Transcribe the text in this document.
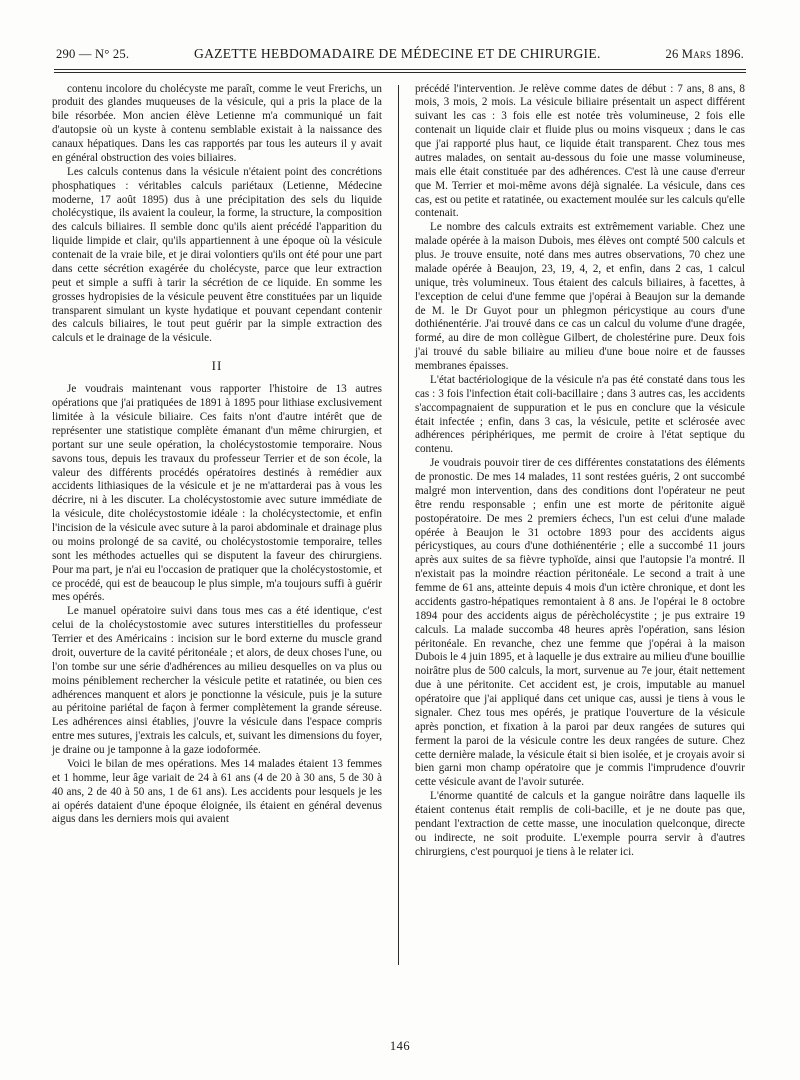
290 — N° 25.	GAZETTE HEBDOMADAIRE DE MÉDECINE ET DE CHIRURGIE.	26 Mars 1896.

contenu incolore du cholécyste me paraît, comme le veut Frerichs, un produit des glandes muqueuses de la vésicule, qui a pris la place de la bile résorbée. Mon ancien élève Letienne m'a communiqué un fait d'autopsie où un kyste à contenu semblable existait à la naissance des canaux hépatiques. Dans les cas rapportés par tous les auteurs il y avait en général obstruction des voies biliaires.

Les calculs contenus dans la vésicule n'étaient point des concrétions phosphatiques : véritables calculs pariétaux (Letienne, Médecine moderne, 17 août 1895) dus à une précipitation des sels du liquide cholécystique, ils avaient la couleur, la forme, la structure, la composition des calculs biliaires. Il semble donc qu'ils aient précédé l'apparition du liquide limpide et clair, qu'ils appartiennent à une époque où la vésicule contenait de la vraie bile, et je dirai volontiers qu'ils ont été pour une part dans cette sécrétion exagérée du cholécyste, parce que leur extraction peut et simple a suffi à tarir la sécrétion de ce liquide. En somme les grosses hydropisies de la vésicule peuvent être constituées par un liquide transparent simulant un kyste hydatique et pouvant cependant contenir des calculs biliaires, le tout peut guérir par la simple extraction des calculs et le drainage de la vésicule.

II

Je voudrais maintenant vous rapporter l'histoire de 13 autres opérations que j'ai pratiquées de 1891 à 1895 pour lithiase exclusivement limitée à la vésicule biliaire. Ces faits n'ont d'autre intérêt que de représenter une statistique complète émanant d'un même chirurgien, et portant sur une seule opération, la cholécystostomie temporaire. Nous savons tous, depuis les travaux du professeur Terrier et de son école, la valeur des différents procédés opératoires destinés à remédier aux accidents lithiasiques de la vésicule et je ne m'attarderai pas à vous les décrire, ni à les discuter. La cholécystostomie avec suture immédiate de la vésicule, dite cholécystostomie idéale : la cholécystectomie, et enfin l'incision de la vésicule avec suture à la paroi abdominale et drainage plus ou moins prolongé de sa cavité, ou cholécystostomie temporaire, telles sont les méthodes actuelles qui se disputent la faveur des chirurgiens. Pour ma part, je n'ai eu l'occasion de pratiquer que la cholécystostomie, et ce procédé, qui est de beaucoup le plus simple, m'a toujours suffi à guérir mes opérés.

Le manuel opératoire suivi dans tous mes cas a été identique, c'est celui de la cholécystostomie avec sutures interstitielles du professeur Terrier et des Américains : incision sur le bord externe du muscle grand droit, ouverture de la cavité péritonéale ; et alors, de deux choses l'une, ou l'on tombe sur une série d'adhérences au milieu desquelles on va plus ou moins péniblement rechercher la vésicule petite et ratatinée, ou bien ces adhérences manquent et alors je ponctionne la vésicule, puis je la suture au péritoine pariétal de façon à fermer complètement la grande séreuse. Les adhérences ainsi établies, j'ouvre la vésicule dans l'espace compris entre mes sutures, j'extrais les calculs, et, suivant les dimensions du foyer, je draine ou je tamponne à la gaze iodoformée.

Voici le bilan de mes opérations. Mes 14 malades étaient 13 femmes et 1 homme, leur âge variait de 24 à 61 ans (4 de 20 à 30 ans, 5 de 30 à 40 ans, 2 de 40 à 50 ans, 1 de 61 ans). Les accidents pour lesquels je les ai opérés dataient d'une époque éloignée, ils étaient en général devenus aigus dans les derniers mois qui avaient

précédé l'intervention. Je relève comme dates de début : 7 ans, 8 ans, 8 mois, 3 mois, 2 mois. La vésicule biliaire présentait un aspect différent suivant les cas : 3 fois elle est notée très volumineuse, 2 fois elle contenait un liquide clair et fluide plus ou moins visqueux ; dans le cas que j'ai rapporté plus haut, ce liquide était transparent. Chez tous mes autres malades, on sentait au-dessous du foie une masse volumineuse, mais elle était constituée par des adhérences. C'est là une cause d'erreur que M. Terrier et moi-même avons déjà signalée. La vésicule, dans ces cas, est ou petite et ratatinée, ou exactement moulée sur les calculs qu'elle contenait.

Le nombre des calculs extraits est extrêmement variable. Chez une malade opérée à la maison Dubois, mes élèves ont compté 500 calculs et plus. Je trouve ensuite, noté dans mes autres observations, 70 chez une malade opérée à Beaujon, 23, 19, 4, 2, et enfin, dans 2 cas, 1 calcul unique, très volumineux. Tous étaient des calculs biliaires, à facettes, à l'exception de celui d'une femme que j'opérai à Beaujon sur la demande de M. le Dr Guyot pour un phlegmon péricystique au cours d'une dothiénentérie. J'ai trouvé dans ce cas un calcul du volume d'une dragée, formé, au dire de mon collègue Gilbert, de cholestérine pure. Deux fois j'ai trouvé du sable biliaire au milieu d'une boue noire et de fausses membranes épaisses.

L'état bactériologique de la vésicule n'a pas été constaté dans tous les cas : 3 fois l'infection était coli-bacillaire ; dans 3 autres cas, les accidents s'accompagnaient de suppuration et le pus en conclure que la vésicule était infectée ; enfin, dans 3 cas, la vésicule, petite et sclérosée avec adhérences périphériques, me permit de croire à l'état septique du contenu.

Je voudrais pouvoir tirer de ces différentes constatations des éléments de pronostic. De mes 14 malades, 11 sont restées guéris, 2 ont succombé malgré mon intervention, dans des conditions dont l'opérateur ne peut être rendu responsable ; enfin une est morte de péritonite aiguë postopératoire. De mes 2 premiers échecs, l'un est celui d'une malade opérée à Beaujon le 31 octobre 1893 pour des accidents aigus péricystiques, au cours d'une dothiénentérie ; elle a succombé 11 jours après aux suites de sa fièvre typhoïde, ainsi que l'autopsie l'a montré. Il n'existait pas la moindre réaction péritonéale. Le second a trait à une femme de 61 ans, atteinte depuis 4 mois d'un ictère chronique, et dont les accidents gastro-hépatiques remontaient à 8 ans. Je l'opérai le 8 octobre 1894 pour des accidents aigus de pérècholécystite ; je pus extraire 19 calculs. La malade succomba 48 heures après l'opération, sans lésion péritonéale. En revanche, chez une femme que j'opérai à la maison Dubois le 4 juin 1895, et à laquelle je dus extraire au milieu d'une bouillie noirâtre plus de 500 calculs, la mort, survenue au 7e jour, était nettement due à une péritonite. Cet accident est, je crois, imputable au manuel opératoire que j'ai appliqué dans cet unique cas, aussi je tiens à vous le signaler. Chez tous mes opérés, je pratique l'ouverture de la vésicule après ponction, et fixation à la paroi par deux rangées de sutures qui ferment la paroi de la vésicule contre les deux rangées de suture. Chez cette dernière malade, la vésicule était si bien isolée, et je croyais avoir si bien garni mon champ opératoire que je commis l'imprudence d'ouvrir cette vésicule avant de l'avoir suturée.

L'énorme quantité de calculs et la gangue noirâtre dans laquelle ils étaient contenus était remplis de coli-bacille, et je ne doute pas que, pendant l'extraction de cette masse, une inoculation quelconque, directe ou indirecte, ne soit produite. L'exemple pourra servir à d'autres chirurgiens, c'est pourquoi je tiens à le relater ici.

146
